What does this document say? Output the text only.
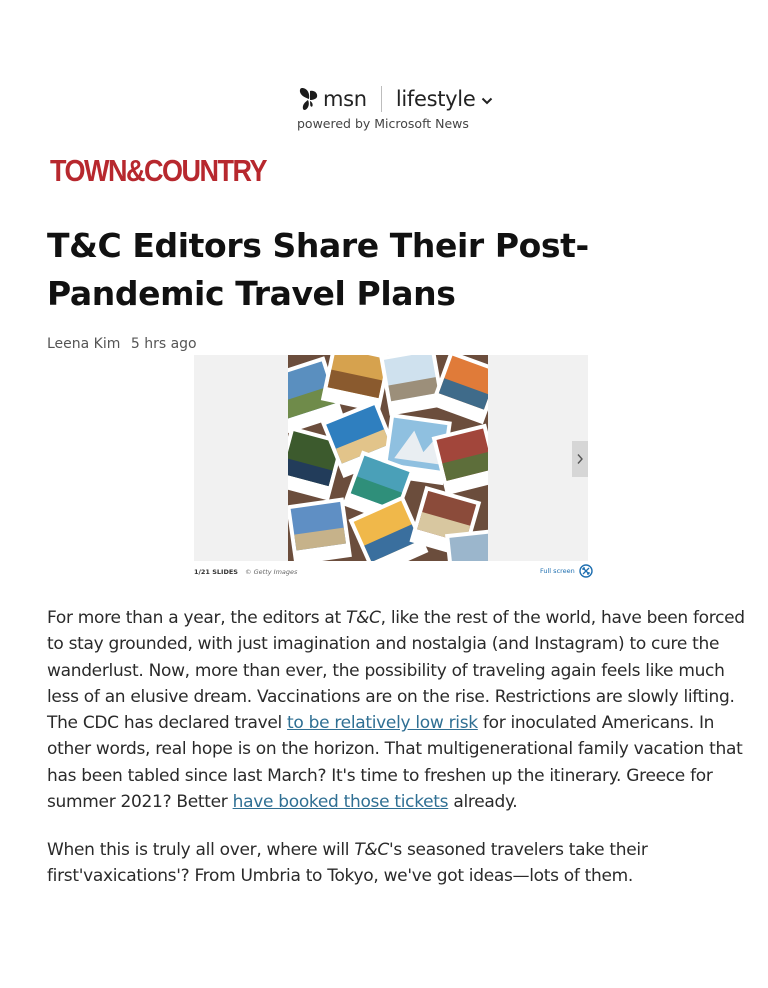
msn lifestyle
powered by Microsoft News
TOWN&COUNTRY
T&C Editors Share Their Post-Pandemic Travel Plans
Leena Kim 5 hrs ago
1/21 SLIDES © Getty Images	Full screen

For more than a year, the editors at T&C, like the rest of the world, have been forced to stay grounded, with just imagination and nostalgia (and Instagram) to cure the wanderlust. Now, more than ever, the possibility of traveling again feels like much less of an elusive dream. Vaccinations are on the rise. Restrictions are slowly lifting. The CDC has declared travel to be relatively low risk for inoculated Americans. In other words, real hope is on the horizon. That multigenerational family vacation that has been tabled since last March? It's time to freshen up the itinerary. Greece for summer 2021? Better have booked those tickets already.

When this is truly all over, where will T&C's seasoned travelers take their first'vaxications'? From Umbria to Tokyo, we've got ideas—lots of them.
